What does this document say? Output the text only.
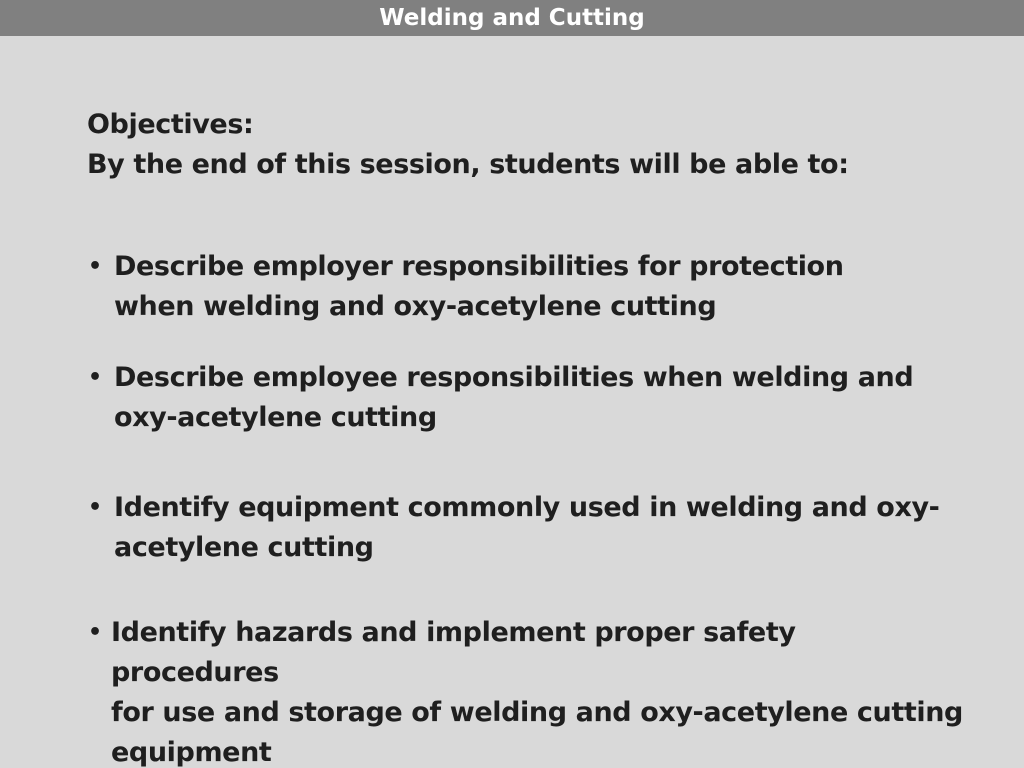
Welding and Cutting
Objectives:
By the end of this session, students will be able to:
• Describe employer responsibilities for protection
when welding and oxy-acetylene cutting
• Describe employee responsibilities when welding and
oxy-acetylene cutting
• Identify equipment commonly used in welding and oxy-
acetylene cutting
• Identify hazards and implement proper safety procedures
for use and storage of welding and oxy-acetylene cutting
equipment
